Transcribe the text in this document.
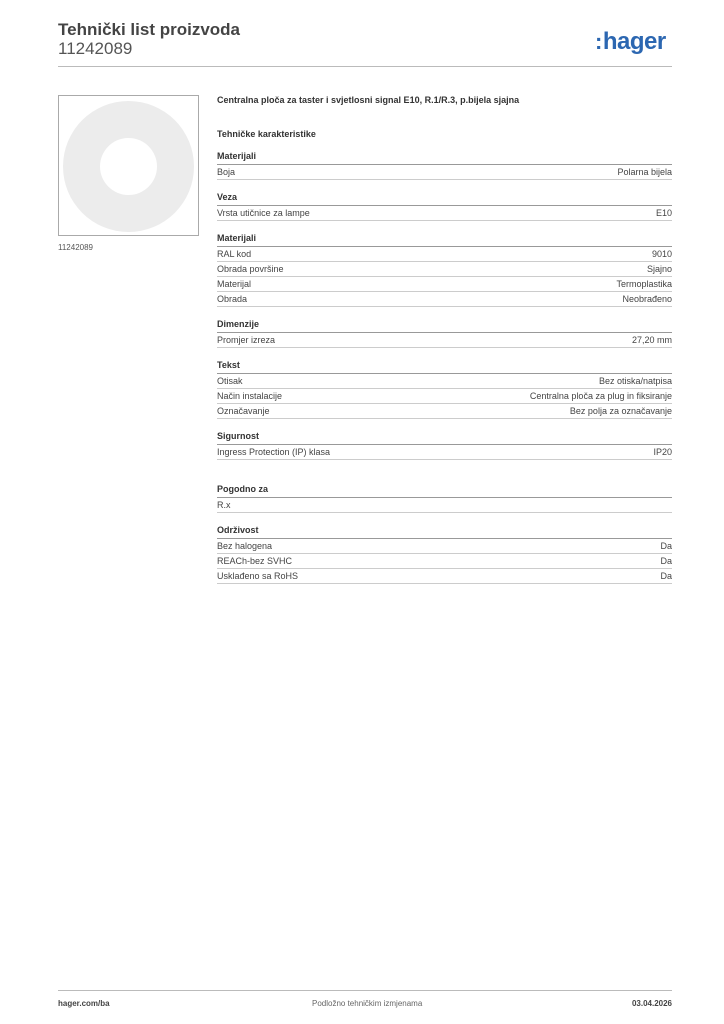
Tehnički list proizvoda
11242089	:hager
11242089
Centralna ploča za taster i svjetlosni signal E10, R.1/R.3, p.bijela sjajna
Tehničke karakteristike
Materijali
Boja	Polarna bijela
Veza
Vrsta utičnice za lampe	E10
Materijali
RAL kod	9010
Obrada površine	Sjajno
Materijal	Termoplastika
Obrada	Neobrađeno
Dimenzije
Promjer izreza	27,20 mm
Tekst
Otisak	Bez otiska/natpisa
Način instalacije	Centralna ploča za plug in fiksiranje
Označavanje	Bez polja za označavanje
Sigurnost
Ingress Protection (IP) klasa	IP20
Pogodno za
R.x
Održivost
Bez halogena	Da
REACh-bez SVHC	Da
Usklađeno sa RoHS	Da
hager.com/ba	Podložno tehničkim izmjenama	03.04.2026
